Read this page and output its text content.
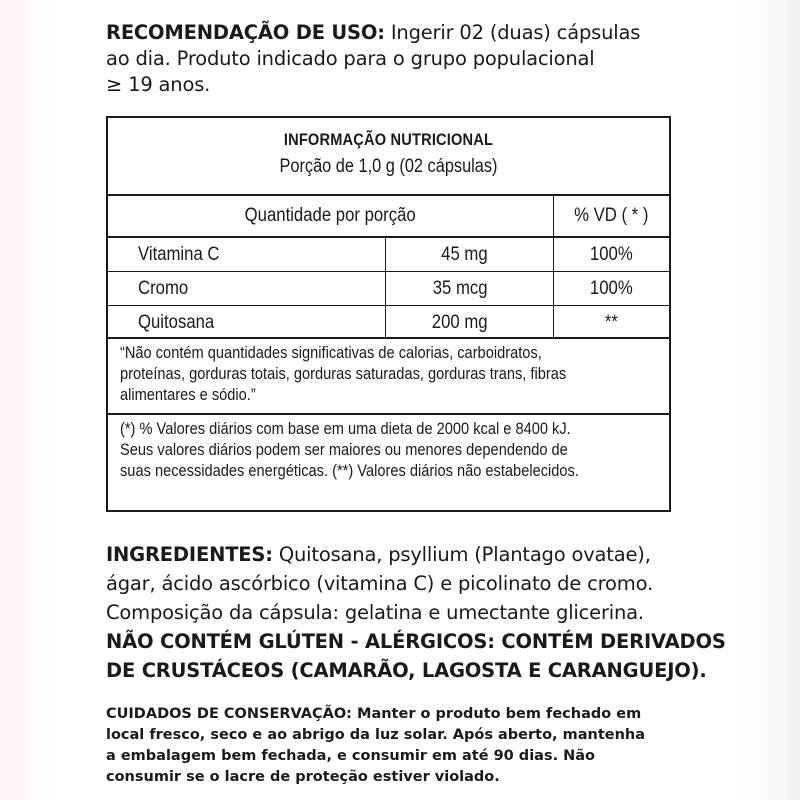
RECOMENDAÇÃO DE USO: Ingerir 02 (duas) cápsulas
ao dia. Produto indicado para o grupo populacional
≥ 19 anos.
INFORMAÇÃO NUTRICIONAL
Porção de 1,0 g (02 cápsulas)
Quantidade por porção	% VD ( * )
Vitamina C	45 mg	100%
Cromo	35 mcg	100%
Quitosana	200 mg	**
“Não contém quantidades significativas de calorias, carboidratos,
proteínas, gorduras totais, gorduras saturadas, gorduras trans, fibras
alimentares e sódio.”
(*) % Valores diários com base em uma dieta de 2000 kcal e 8400 kJ.
Seus valores diários podem ser maiores ou menores dependendo de
suas necessidades energéticas. (**) Valores diários não estabelecidos.
INGREDIENTES: Quitosana, psyllium (Plantago ovatae),
ágar, ácido ascórbico (vitamina C) e picolinato de cromo.
Composição da cápsula: gelatina e umectante glicerina.
NÃO CONTÉM GLÚTEN - ALÉRGICOS: CONTÉM DERIVADOS
DE CRUSTÁCEOS (CAMARÃO, LAGOSTA E CARANGUEJO).
CUIDADOS DE CONSERVAÇÃO: Manter o produto bem fechado em
local fresco, seco e ao abrigo da luz solar. Após aberto, mantenha
a embalagem bem fechada, e consumir em até 90 dias. Não
consumir se o lacre de proteção estiver violado.
